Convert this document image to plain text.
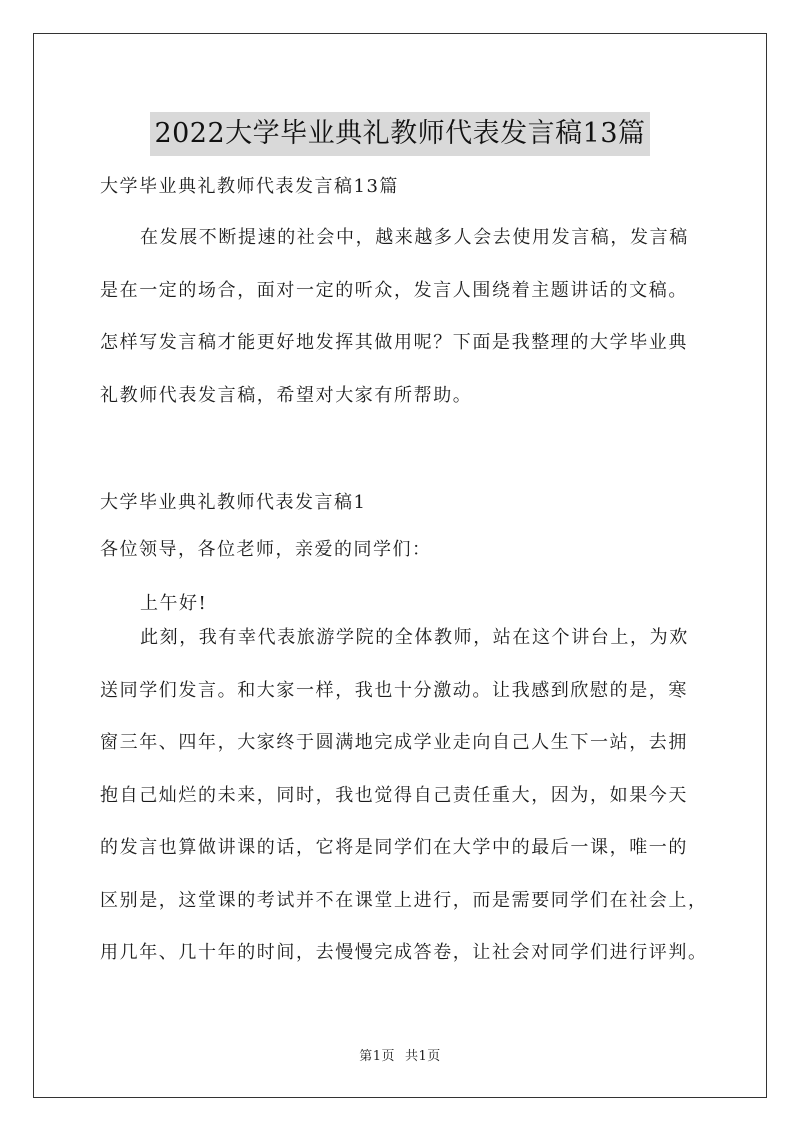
2022大学毕业典礼教师代表发言稿13篇

大学毕业典礼教师代表发言稿13篇

在发展不断提速的社会中，越来越多人会去使用发言稿，发言稿
是在一定的场合，面对一定的听众，发言人围绕着主题讲话的文稿。
怎样写发言稿才能更好地发挥其做用呢？下面是我整理的大学毕业典
礼教师代表发言稿，希望对大家有所帮助。

大学毕业典礼教师代表发言稿1

各位领导，各位老师，亲爱的同学们：

上午好!

此刻，我有幸代表旅游学院的全体教师，站在这个讲台上，为欢
送同学们发言。和大家一样，我也十分激动。让我感到欣慰的是，寒
窗三年、四年，大家终于圆满地完成学业走向自己人生下一站，去拥
抱自己灿烂的未来，同时，我也觉得自己责任重大，因为，如果今天
的发言也算做讲课的话，它将是同学们在大学中的最后一课，唯一的
区别是，这堂课的考试并不在课堂上进行，而是需要同学们在社会上，
用几年、几十年的时间，去慢慢完成答卷，让社会对同学们进行评判。
第1页 共1页
